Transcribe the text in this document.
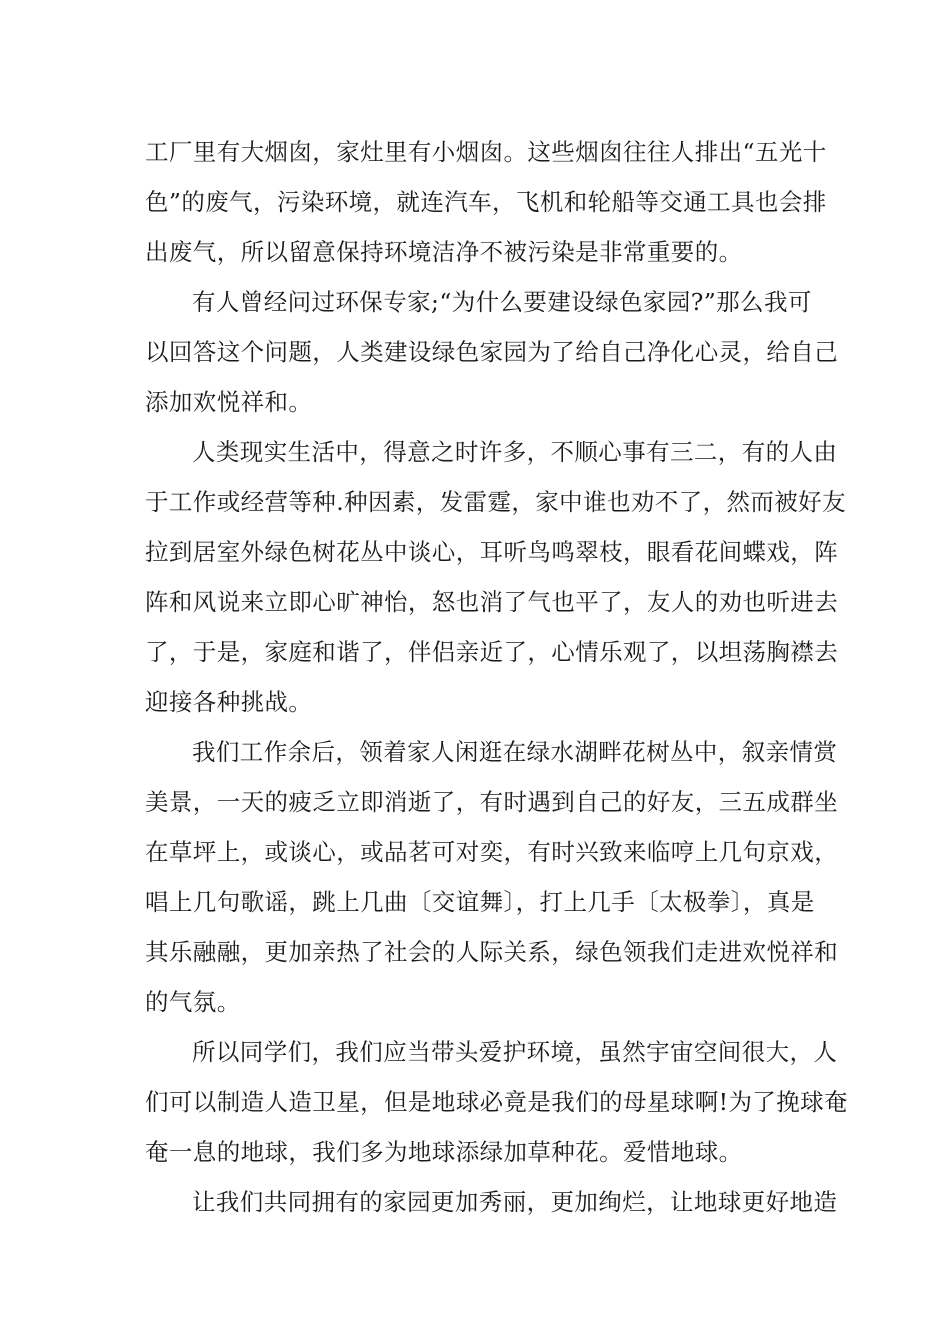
工厂里有大烟囱，家灶里有小烟囱。这些烟囱往往人排出“五光十
色”的废气，污染环境，就连汽车，飞机和轮船等交通工具也会排
出废气，所以留意保持环境洁净不被污染是非常重要的。
有人曾经问过环保专家;“为什么要建设绿色家园?”那么我可
以回答这个问题，人类建设绿色家园为了给自己净化心灵，给自己
添加欢悦祥和。
人类现实生活中，得意之时许多，不顺心事有三二，有的人由
于工作或经营等种.种因素，发雷霆，家中谁也劝不了，然而被好友
拉到居室外绿色树花丛中谈心，耳听鸟鸣翠枝，眼看花间蝶戏，阵
阵和风说来立即心旷神怡，怒也消了气也平了，友人的劝也听进去
了，于是，家庭和谐了，伴侣亲近了，心情乐观了，以坦荡胸襟去
迎接各种挑战。
我们工作余后，领着家人闲逛在绿水湖畔花树丛中，叙亲情赏
美景，一天的疲乏立即消逝了，有时遇到自己的好友，三五成群坐
在草坪上，或谈心，或品茗可对奕，有时兴致来临哼上几句京戏，
唱上几句歌谣，跳上几曲〔交谊舞〕，打上几手〔太极拳〕，真是
其乐融融，更加亲热了社会的人际关系，绿色领我们走进欢悦祥和
的气氛。
所以同学们，我们应当带头爱护环境，虽然宇宙空间很大，人
们可以制造人造卫星，但是地球必竟是我们的母星球啊!为了挽球奄
奄一息的地球，我们多为地球添绿加草种花。爱惜地球。
让我们共同拥有的家园更加秀丽，更加绚烂，让地球更好地造
